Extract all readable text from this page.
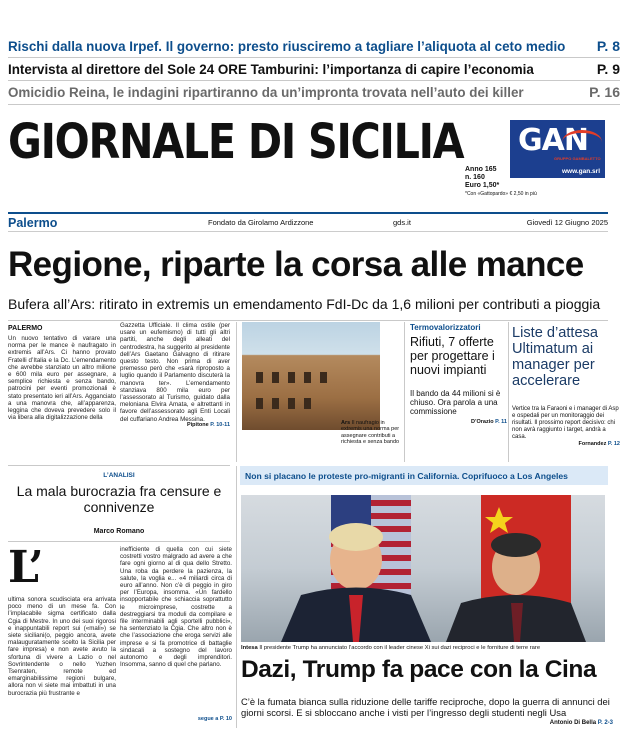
Rischi dalla nuova Irpef. Il governo: presto riusciremo a tagliare l’aliquota al ceto medio P. 8
Intervista al direttore del Sole 24 ORE Tamburini: l’importanza di capire l’economia	P. 9
Omicidio Reina, le indagini ripartiranno da un’impronta trovata nell’auto dei killer	P. 16
GIORNALE DI SICILIA Anno 165
n. 160
Euro 1,50*
*Con «Gattopardo» € 2,50 in più
GAN
GRUPPO GAMBALETTO
www.gan.srl
Palermo	Fondato da Girolamo Ardizzone	gds.it	Giovedì 12 Giugno 2025
Regione, riparte la corsa alle mance
Bufera all’Ars: ritirato in extremis un emendamento FdI-Dc da 1,6 milioni per contributi a pioggia
PALERMO
Un nuovo tentativo di varare una norma per le mance è naufragato in extremis all’Ars. Ci hanno provato Fratelli d’Italia e la Dc. L’emendamento che avrebbe stanziato un altro milione e 600 mila euro per assegnare, a semplice richiesta e senza bando, patrocini per eventi promozionali è stato presentato ieri all’Ars. Agganciato a una manovra che, all’apparenza, leggina che doveva prevedere solo il via libera alla digitalizzazione della
Gazzetta Ufficiale. Il clima ostile (per usare un eufemismo) di tutti gli altri partiti, anche degli alleati del centrodestra, ha suggerito al presidente dell’Ars Gaetano Galvagno di ritirare questo testo. Non prima di aver premesso però che «sarà riproposto a luglio quando il Parlamento discuterà la manovra ter». L’emendamento stanziava 800 mila euro per l’assessorato al Turismo, guidato dalla meloniana Elvira Amata, e altrettanti in favore dell’assessorato agli Enti Locali del cuffariano Andrea Messina.
Pipitone P. 10-11	Ars Il naufragio in extremis una norma per assegnare contributi a richiesta e senza bando
Termovalorizzatori
Rifiuti, 7 offerte per progettare i nuovi impianti
Il bando da 44 milioni si è chiuso. Ora parola a una commissione
D’Orazio P. 11
Liste d’attesa Ultimatum ai manager per accelerare
Vertice tra la Faraoni e i manager di Asp e ospedali per un monitoraggio dei risultati. Il prossimo report decisivo: chi non avrà raggiunto i target, andrà a casa.
Fornandez P. 12
L’ANALISI
La mala burocrazia fra censure e connivenze
Marco Romano
L’
ultima sonora scudisciata era arrivata poco meno di un mese fa. Con l’implacabile sigma certificato dalla Cgia di Mestre. In uno dei suoi rigorosi e inappuntabili report sui («mali») se siete siciliani(o, peggio ancora, avete malauguratamente scelto la Sicilia per fare impresa) e non avete avuto la sfortuna di vivere a Lazio o nel Sovrintendente o nello Yuzhen Tsenraten, remote ed emarginabilissime regioni bulgare, allora non vi siete mai imbattuti in una burocrazia più frustrante e
inefficiente di quella con cui siete costretti vostro malgrado ad avere a che fare ogni giorno al di qua dello Stretto. Una roba da perdere la pazienza, la salute, la voglia e... «4 miliardi circa di euro all’anno. Non c’è di peggio in giro per l’Europa, insomma. «Un fardello insopportabile che schiaccia soprattutto le microimprese, costrette a destreggiarsi tra moduli da compilare e file interminabili agli sportelli pubblici», ha sentenziato la Cgia. Che altro non è che l’associazione che eroga servizi alle imprese e si fa promotrice di battaglie sindacali a sostegno del lavoro autonomo e degli imprenditori. Insomma, sanno di quel che parlano.
segue a P. 10
Non si placano le proteste pro-migranti in California. Coprifuoco a Los Angeles
Intesa Il presidente Trump ha annunciato l’accordo con il leader cinese Xi sui dazi reciproci e le forniture di terre rare
Dazi, Trump fa pace con la Cina
C’è la fumata bianca sulla riduzione delle tariffe reciproche, dopo la guerra di annunci dei giorni scorsi. E si sbloccano anche i visti per l’ingresso degli studenti negli Usa
Antonio Di Bella P. 2-3
